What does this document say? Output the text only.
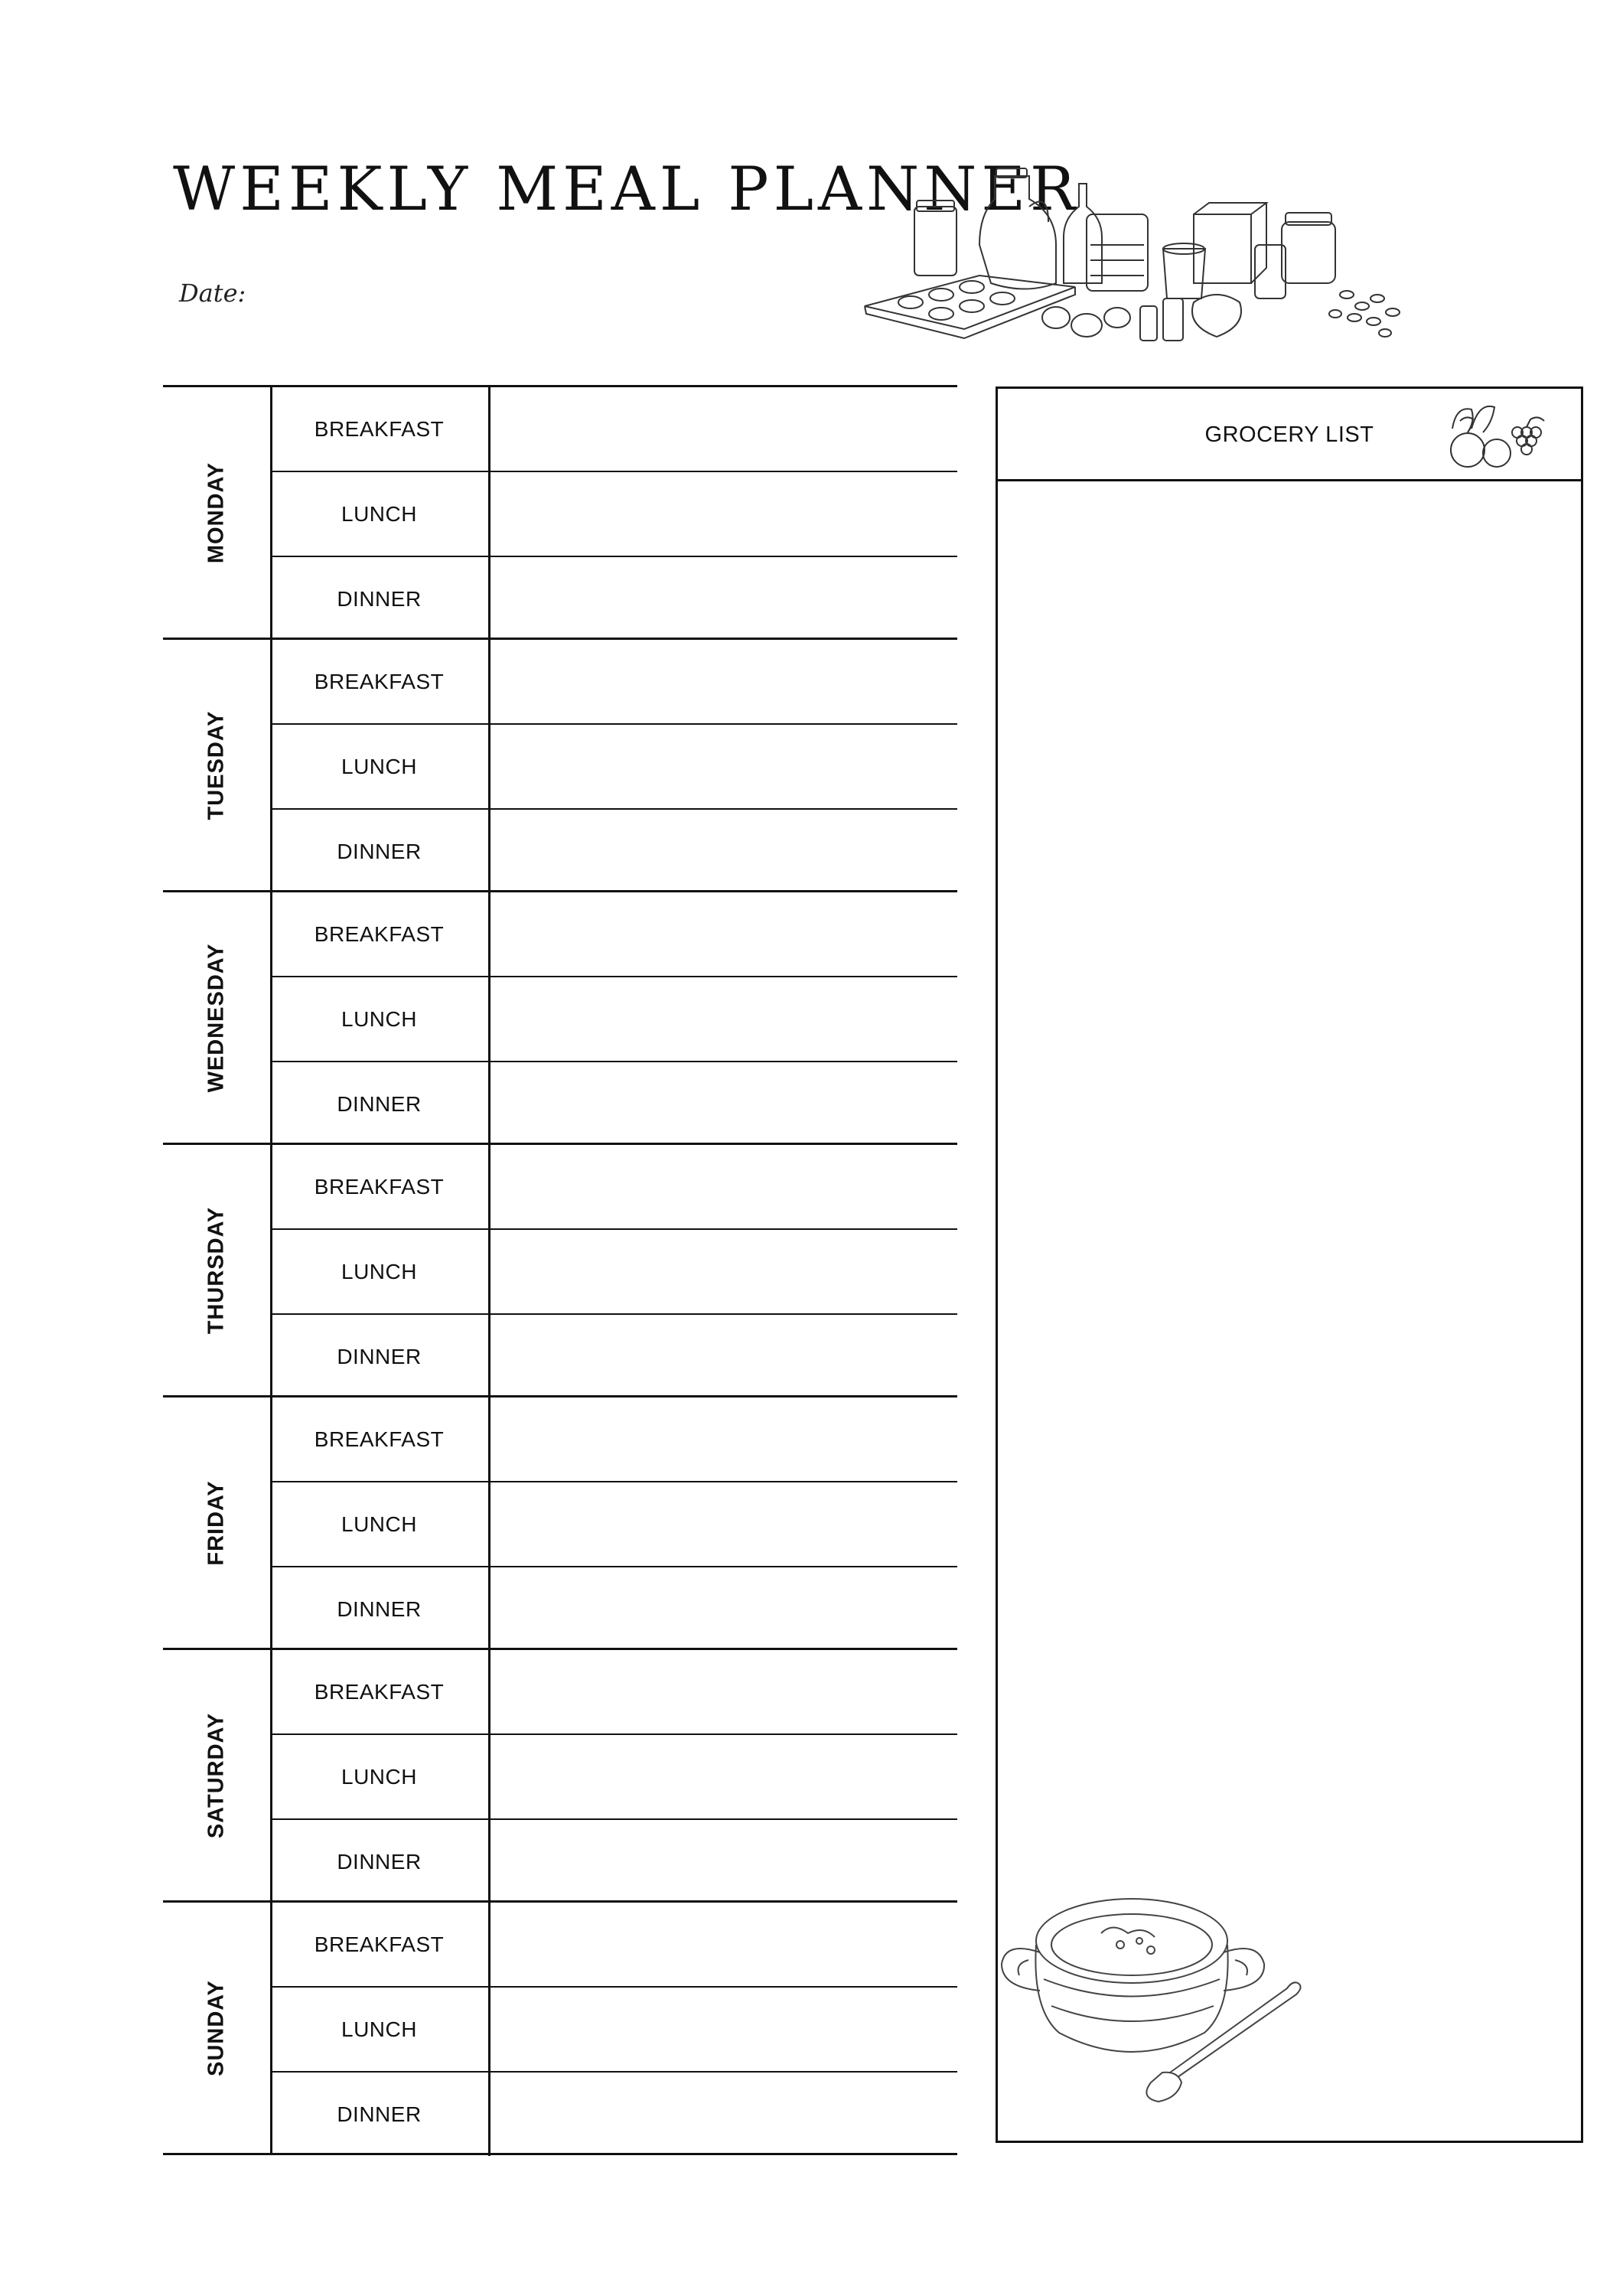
WEEKLY MEAL PLANNER
Date:
MONDAY
BREAKFAST
LUNCH
DINNER
TUESDAY
BREAKFAST
LUNCH
DINNER
WEDNESDAY
BREAKFAST
LUNCH
DINNER
THURSDAY
BREAKFAST
LUNCH
DINNER
FRIDAY
BREAKFAST
LUNCH
DINNER
SATURDAY
BREAKFAST
LUNCH
DINNER
SUNDAY
BREAKFAST
LUNCH
DINNER
GROCERY LIST
